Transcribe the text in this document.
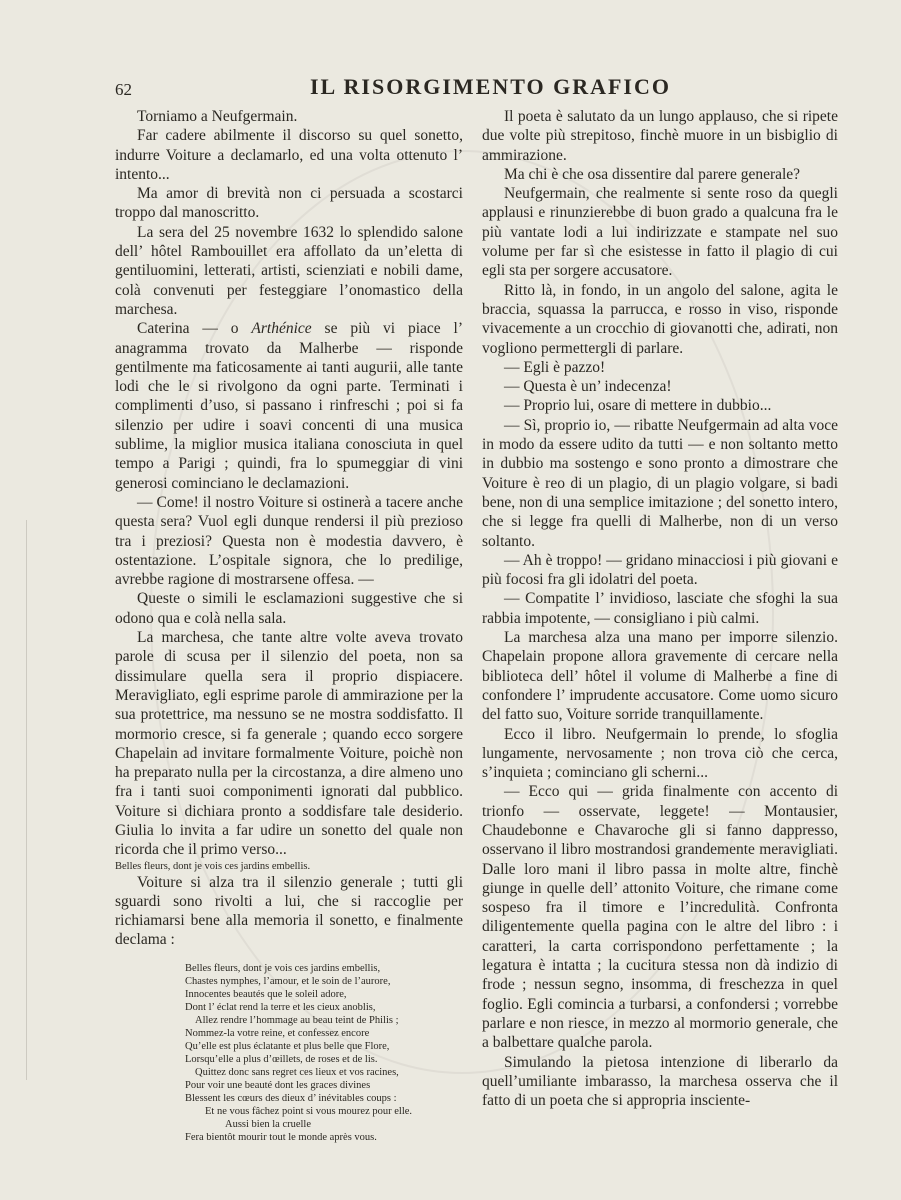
62	IL RISORGIMENTO GRAFICO

Torniamo a Neufgermain.

Far cadere abilmente il discorso su quel sonetto, indurre Voiture a declamarlo, ed una volta ottenuto l’ intento...

Ma amor di brevità non ci persuada a scostarci troppo dal manoscritto.

La sera del 25 novembre 1632 lo splendido salone dell’ hôtel Rambouillet era affollato da un’eletta di gentiluomini, letterati, artisti, scienziati e nobili dame, colà convenuti per festeggiare l’onomastico della marchesa.

Caterina — o Arthénice se più vi piace l’ anagramma trovato da Malherbe — risponde gentilmente ma faticosamente ai tanti augurii, alle tante lodi che le si rivolgono da ogni parte. Terminati i complimenti d’uso, si passano i rinfreschi ; poi si fa silenzio per udire i soavi concenti di una musica sublime, la miglior musica italiana conosciuta in quel tempo a Parigi ; quindi, fra lo spumeggiar di vini generosi cominciano le declamazioni.

— Come! il nostro Voiture si ostinerà a tacere anche questa sera? Vuol egli dunque rendersi il più prezioso tra i preziosi? Questa non è modestia davvero, è ostentazione. L’ospitale signora, che lo predilige, avrebbe ragione di mostrarsene offesa. —

Queste o simili le esclamazioni suggestive che si odono qua e colà nella sala.

La marchesa, che tante altre volte aveva trovato parole di scusa per il silenzio del poeta, non sa dissimulare quella sera il proprio dispiacere. Meravigliato, egli esprime parole di ammirazione per la sua protettrice, ma nessuno se ne mostra soddisfatto. Il mormorio cresce, si fa generale ; quando ecco sorgere Chapelain ad invitare formalmente Voiture, poichè non ha preparato nulla per la circostanza, a dire almeno uno fra i tanti suoi componimenti ignorati dal pubblico. Voiture si dichiara pronto a soddisfare tale desiderio. Giulia lo invita a far udire un sonetto del quale non ricorda che il primo verso...

Belles fleurs, dont je vois ces jardins embellis.

Voiture si alza tra il silenzio generale ; tutti gli sguardi sono rivolti a lui, che si raccoglie per richiamarsi bene alla memoria il sonetto, e finalmente declama :

Belles fleurs, dont je vois ces jardins embellis,

Chastes nymphes, l’amour, et le soin de l’aurore,

Innocentes beautés que le soleil adore,

Dont l’ éclat rend la terre et les cieux anoblis,

Allez rendre l’hommage au beau teint de Philis ;

Nommez-la votre reine, et confessez encore

Qu’elle est plus éclatante et plus belle que Flore,

Lorsqu’elle a plus d’œillets, de roses et de lis.

Quittez donc sans regret ces lieux et vos racines,

Pour voir une beauté dont les graces divines

Blessent les cœurs des dieux d’ inévitables coups :

Et ne vous fâchez point si vous mourez pour elle.

Aussi bien la cruelle

Fera bientôt mourir tout le monde après vous.

Il poeta è salutato da un lungo applauso, che si ripete due volte più strepitoso, finchè muore in un bisbiglio di ammirazione.

Ma chi è che osa dissentire dal parere generale?

Neufgermain, che realmente si sente roso da quegli applausi e rinunzierebbe di buon grado a qualcuna fra le più vantate lodi a lui indirizzate e stampate nel suo volume per far sì che esistesse in fatto il plagio di cui egli sta per sorgere accusatore.

Ritto là, in fondo, in un angolo del salone, agita le braccia, squassa la parrucca, e rosso in viso, risponde vivacemente a un crocchio di giovanotti che, adirati, non vogliono permettergli di parlare.

— Egli è pazzo!

— Questa è un’ indecenza!

— Proprio lui, osare di mettere in dubbio...

— Sì, proprio io, — ribatte Neufgermain ad alta voce in modo da essere udito da tutti — e non soltanto metto in dubbio ma sostengo e sono pronto a dimostrare che Voiture è reo di un plagio, di un plagio volgare, si badi bene, non di una semplice imitazione ; del sonetto intero, che si legge fra quelli di Malherbe, non di un verso soltanto.

— Ah è troppo! — gridano minacciosi i più giovani e più focosi fra gli idolatri del poeta.

— Compatite l’ invidioso, lasciate che sfoghi la sua rabbia impotente, — consigliano i più calmi.

La marchesa alza una mano per imporre silenzio. Chapelain propone allora gravemente di cercare nella biblioteca dell’ hôtel il volume di Malherbe a fine di confondere l’ imprudente accusatore. Come uomo sicuro del fatto suo, Voiture sorride tranquillamente.

Ecco il libro. Neufgermain lo prende, lo sfoglia lungamente, nervosamente ; non trova ciò che cerca, s’inquieta ; cominciano gli scherni...

— Ecco qui — grida finalmente con accento di trionfo — osservate, leggete! — Montausier, Chaudebonne e Chavaroche gli si fanno dappresso, osservano il libro mostrandosi grandemente meravigliati. Dalle loro mani il libro passa in molte altre, finchè giunge in quelle dell’ attonito Voiture, che rimane come sospeso fra il timore e l’incredulità. Confronta diligentemente quella pagina con le altre del libro : i caratteri, la carta corrispondono perfettamente ; la legatura è intatta ; la cucitura stessa non dà indizio di frode ; nessun segno, insomma, di freschezza in quel foglio. Egli comincia a turbarsi, a confondersi ; vorrebbe parlare e non riesce, in mezzo al mormorio generale, che a balbettare qualche parola.

Simulando la pietosa intenzione di liberarlo da quell’umiliante imbarasso, la marchesa osserva che il fatto di un poeta che si appropria insciente-
